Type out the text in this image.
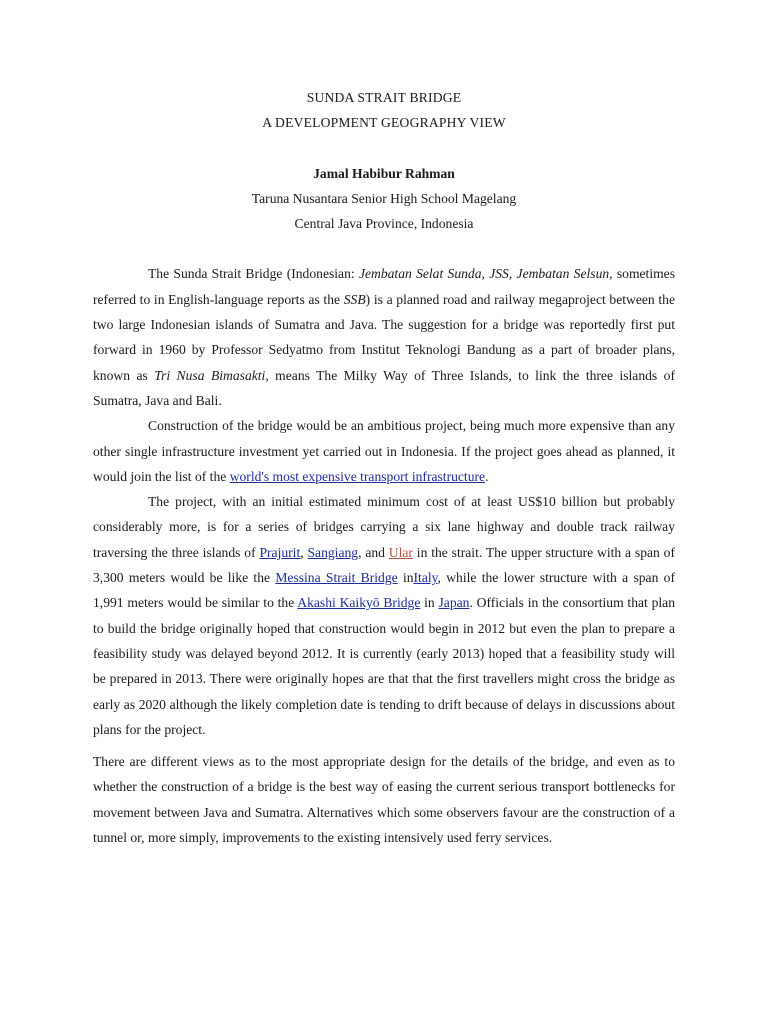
SUNDA STRAIT BRIDGE
A DEVELOPMENT GEOGRAPHY VIEW
Jamal Habibur Rahman
Taruna Nusantara Senior High School Magelang
Central Java Province, Indonesia

The Sunda Strait Bridge (Indonesian: Jembatan Selat Sunda, JSS, Jembatan Selsun, sometimes referred to in English-language reports as the SSB) is a planned road and railway megaproject between the two large Indonesian islands of Sumatra and Java. The suggestion for a bridge was reportedly first put forward in 1960 by Professor Sedyatmo from Institut Teknologi Bandung as a part of broader plans, known as Tri Nusa Bimasakti, means The Milky Way of Three Islands, to link the three islands of Sumatra, Java and Bali.

Construction of the bridge would be an ambitious project, being much more expensive than any other single infrastructure investment yet carried out in Indonesia. If the project goes ahead as planned, it would join the list of the world's most expensive transport infrastructure.

The project, with an initial estimated minimum cost of at least US$10 billion but probably considerably more, is for a series of bridges carrying a six lane highway and double track railway traversing the three islands of Prajurit, Sangiang, and Ular in the strait. The upper structure with a span of 3,300 meters would be like the Messina Strait Bridge inItaly, while the lower structure with a span of 1,991 meters would be similar to the Akashi Kaikyō Bridge in Japan. Officials in the consortium that plan to build the bridge originally hoped that construction would begin in 2012 but even the plan to prepare a feasibility study was delayed beyond 2012. It is currently (early 2013) hoped that a feasibility study will be prepared in 2013. There were originally hopes are that that the first travellers might cross the bridge as early as 2020 although the likely completion date is tending to drift because of delays in discussions about plans for the project.

There are different views as to the most appropriate design for the details of the bridge, and even as to whether the construction of a bridge is the best way of easing the current serious transport bottlenecks for movement between Java and Sumatra. Alternatives which some observers favour are the construction of a tunnel or, more simply, improvements to the existing intensively used ferry services.
